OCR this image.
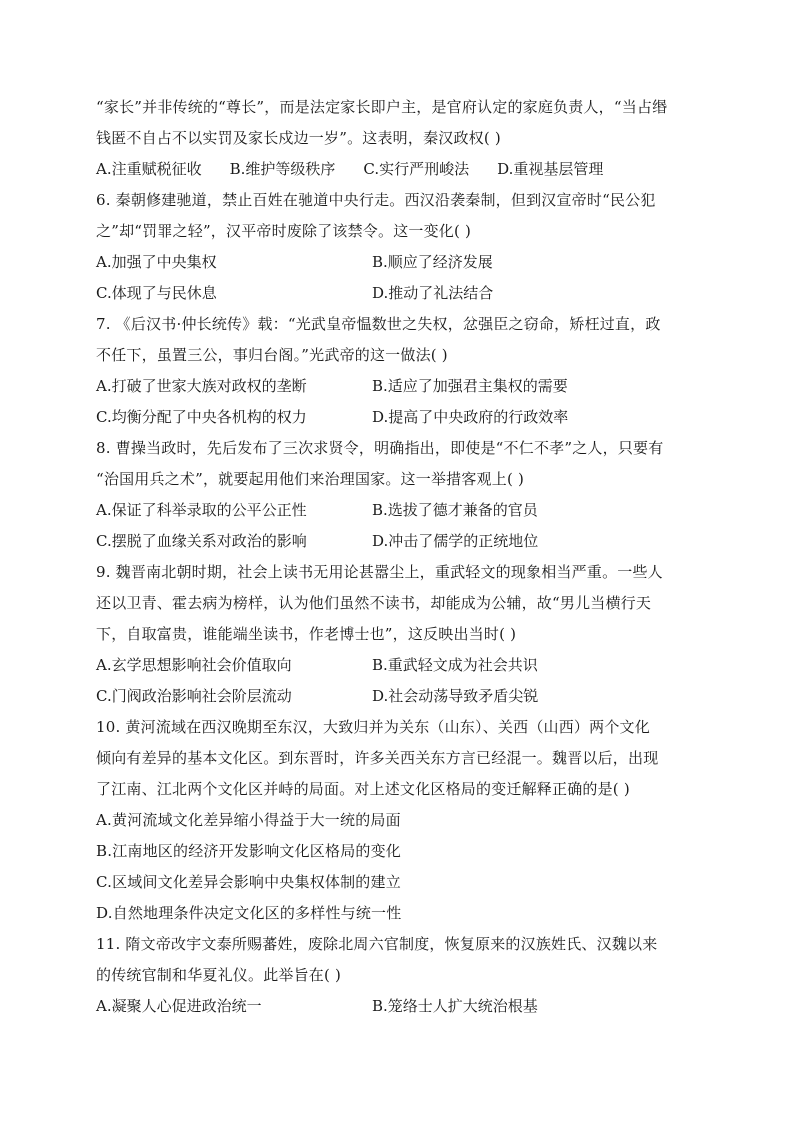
“家长”并非传统的“尊长”，而是法定家长即户主，是官府认定的家庭负责人，“当占缗
钱匿不自占不以实罚及家长戍边一岁”。这表明，秦汉政权( )
A.注重赋税征收 B.维护等级秩序 C.实行严刑峻法 D.重视基层管理
6. 秦朝修建驰道，禁止百姓在驰道中央行走。西汉沿袭秦制，但到汉宣帝时“民公犯
之”却“罚罪之轻”，汉平帝时废除了该禁令。这一变化( )
A.加强了中央集权	B.顺应了经济发展
C.体现了与民休息	D.推动了礼法结合
7. 《后汉书·仲长统传》载：“光武皇帝愠数世之失权，忿强臣之窃命，矫枉过直，政
不任下，虽置三公，事归台阁。”光武帝的这一做法( )
A.打破了世家大族对政权的垄断	B.适应了加强君主集权的需要
C.均衡分配了中央各机构的权力	D.提高了中央政府的行政效率
8. 曹操当政时，先后发布了三次求贤令，明确指出，即使是“不仁不孝”之人，只要有
“治国用兵之术”，就要起用他们来治理国家。这一举措客观上( )
A.保证了科举录取的公平公正性	B.选拔了德才兼备的官员
C.摆脱了血缘关系对政治的影响	D.冲击了儒学的正统地位
9. 魏晋南北朝时期，社会上读书无用论甚嚣尘上，重武轻文的现象相当严重。一些人
还以卫青、霍去病为榜样，认为他们虽然不读书，却能成为公辅，故“男儿当横行天
下，自取富贵，谁能端坐读书，作老博士也”，这反映出当时( )
A.玄学思想影响社会价值取向	B.重武轻文成为社会共识
C.门阀政治影响社会阶层流动	D.社会动荡导致矛盾尖锐
10. 黄河流域在西汉晚期至东汉，大致归并为关东（山东）、关西（山西）两个文化
倾向有差异的基本文化区。到东晋时，许多关西关东方言已经混一。魏晋以后，出现
了江南、江北两个文化区并峙的局面。对上述文化区格局的变迁解释正确的是( )
A.黄河流域文化差异缩小得益于大一统的局面
B.江南地区的经济开发影响文化区格局的变化
C.区域间文化差异会影响中央集权体制的建立
D.自然地理条件决定文化区的多样性与统一性
11. 隋文帝改宇文泰所赐蕃姓，废除北周六官制度，恢复原来的汉族姓氏、汉魏以来
的传统官制和华夏礼仪。此举旨在( )
A.凝聚人心促进政治统一	B.笼络士人扩大统治根基
